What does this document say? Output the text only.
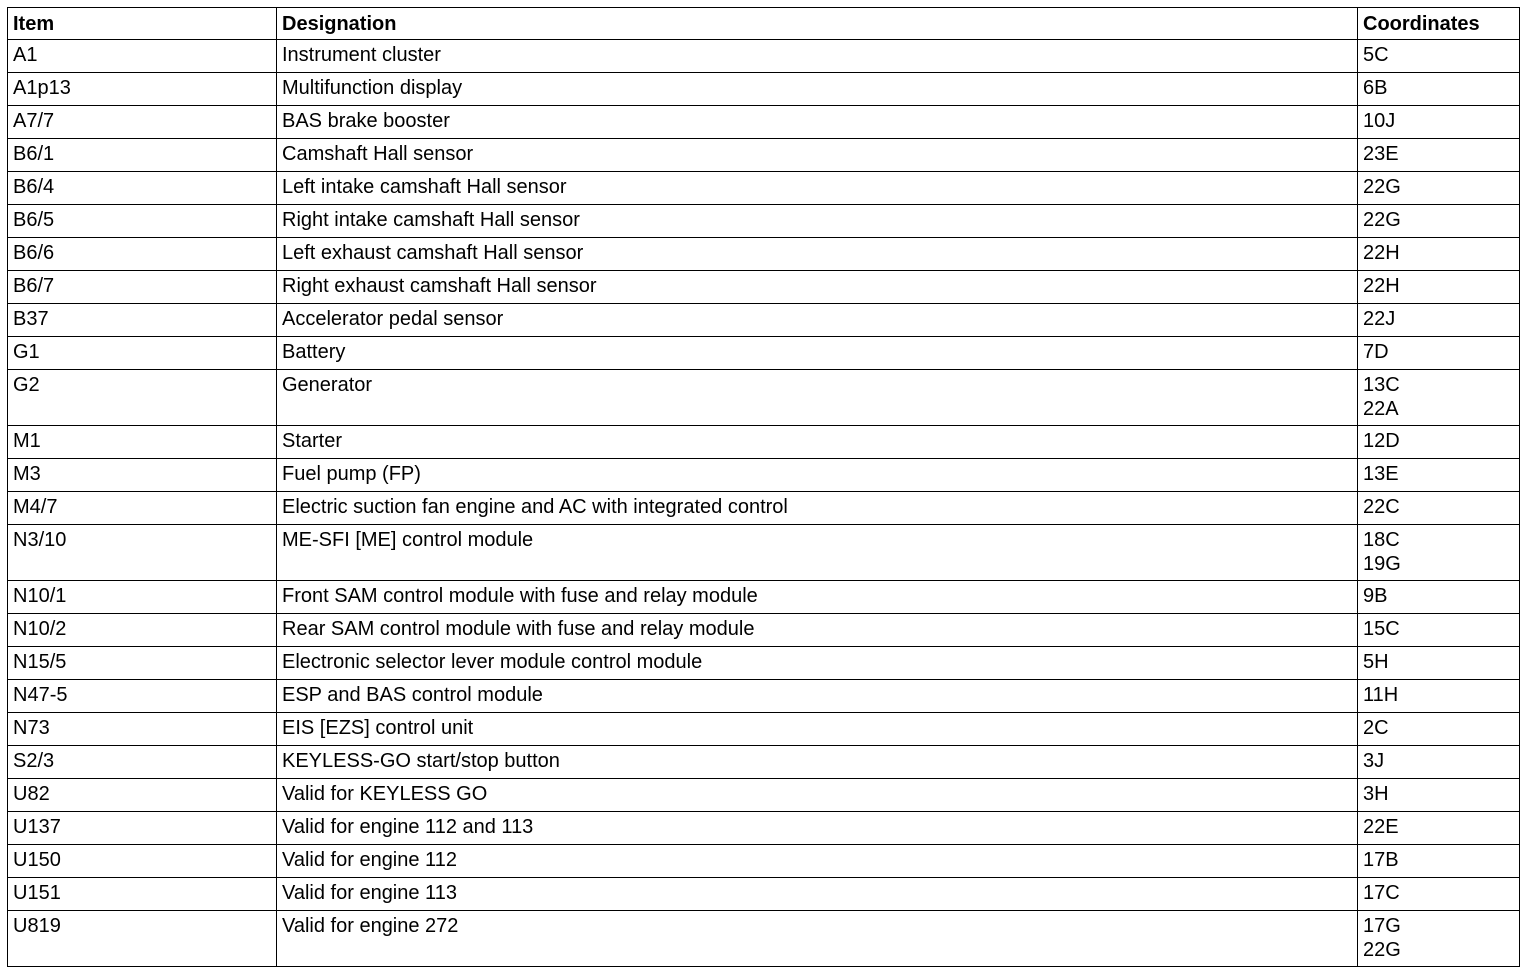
Item	Designation	Coordinates
A1	Instrument cluster	5C

A1p13	Multifunction display	6B

A7/7	BAS brake booster	10J

B6/1	Camshaft Hall sensor	23E

B6/4	Left intake camshaft Hall sensor	22G

B6/5	Right intake camshaft Hall sensor	22G

B6/6	Left exhaust camshaft Hall sensor	22H

B6/7	Right exhaust camshaft Hall sensor	22H

B37	Accelerator pedal sensor	22J

G1	Battery	7D

G2	Generator	13C
22A

M1	Starter	12D

M3	Fuel pump (FP)	13E

M4/7	Electric suction fan engine and AC with integrated control	22C

N3/10	ME-SFI [ME] control module	18C
19G

N10/1	Front SAM control module with fuse and relay module	9B

N10/2	Rear SAM control module with fuse and relay module	15C

N15/5	Electronic selector lever module control module	5H

N47-5	ESP and BAS control module	11H

N73	EIS [EZS] control unit	2C

S2/3	KEYLESS-GO start/stop button	3J

U82	Valid for KEYLESS GO	3H

U137	Valid for engine 112 and 113	22E

U150	Valid for engine 112	17B

U151	Valid for engine 113	17C

U819	Valid for engine 272	17G
22G
